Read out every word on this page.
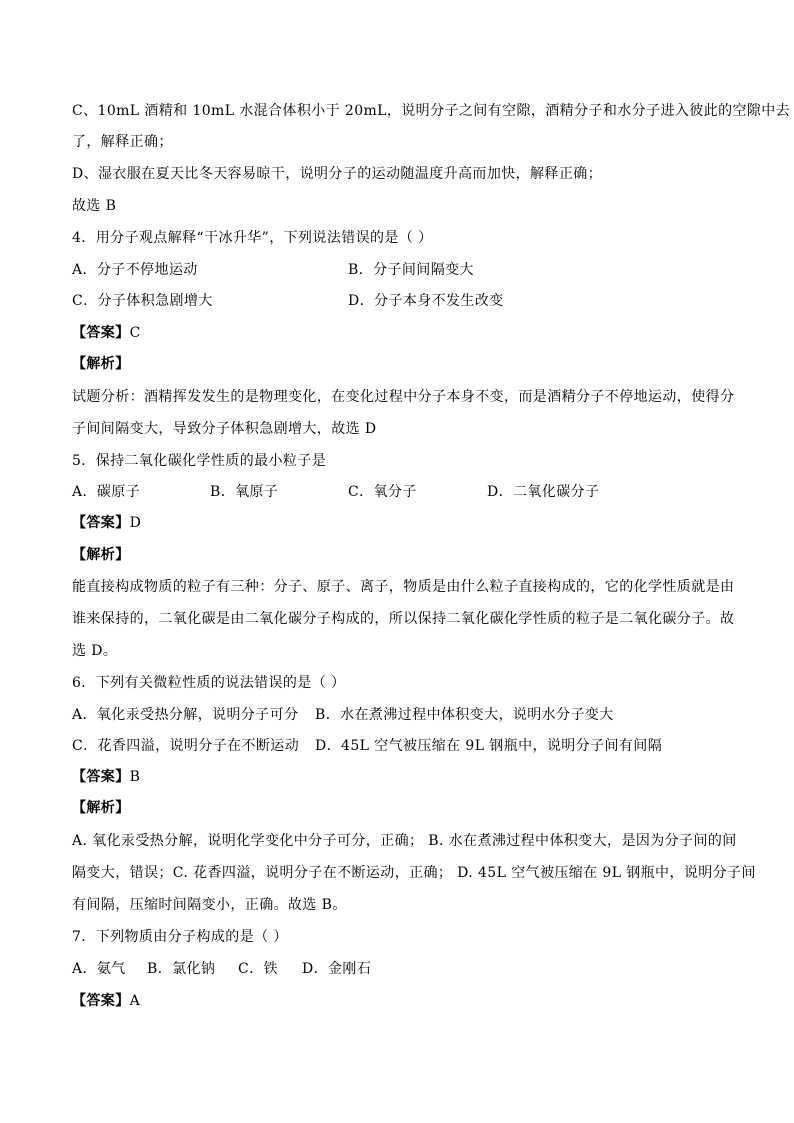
C、10mL 酒精和 10mL 水混合体积小于 20mL，说明分子之间有空隙，酒精分子和水分子进入彼此的空隙中去
了，解释正确；
D、湿衣服在夏天比冬天容易晾干，说明分子的运动随温度升高而加快，解释正确；
故选 B
4．用分子观点解释“干冰升华”，下列说法错误的是（ ）
A．分子不停地运动	B．分子间间隔变大
C．分子体积急剧增大	D．分子本身不发生改变
【答案】C
【解析】
试题分析：酒精挥发发生的是物理变化，在变化过程中分子本身不变，而是酒精分子不停地运动，使得分
子间间隔变大，导致分子体积急剧增大，故选 D
5．保持二氧化碳化学性质的最小粒子是
A．碳原子	B．氧原子	C．氧分子	D．二氧化碳分子
【答案】D
【解析】
能直接构成物质的粒子有三种：分子、原子、离子，物质是由什么粒子直接构成的，它的化学性质就是由
谁来保持的，二氧化碳是由二氧化碳分子构成的，所以保持二氧化碳化学性质的粒子是二氧化碳分子。故
选 D。
6．下列有关微粒性质的说法错误的是（ ）
A．氧化汞受热分解，说明分子可分 B．水在煮沸过程中体积变大，说明水分子变大
C．花香四溢，说明分子在不断运动 D．45L 空气被压缩在 9L 钢瓶中，说明分子间有间隔
【答案】B
【解析】
A. 氧化汞受热分解，说明化学变化中分子可分，正确； B. 水在煮沸过程中体积变大，是因为分子间的间
隔变大，错误；C. 花香四溢，说明分子在不断运动，正确； D. 45L 空气被压缩在 9L 钢瓶中，说明分子间
有间隔，压缩时间隔变小，正确。故选 B。
7．下列物质由分子构成的是（ ）
A．氨气 B．氯化钠 C．铁 D．金刚石
【答案】A
